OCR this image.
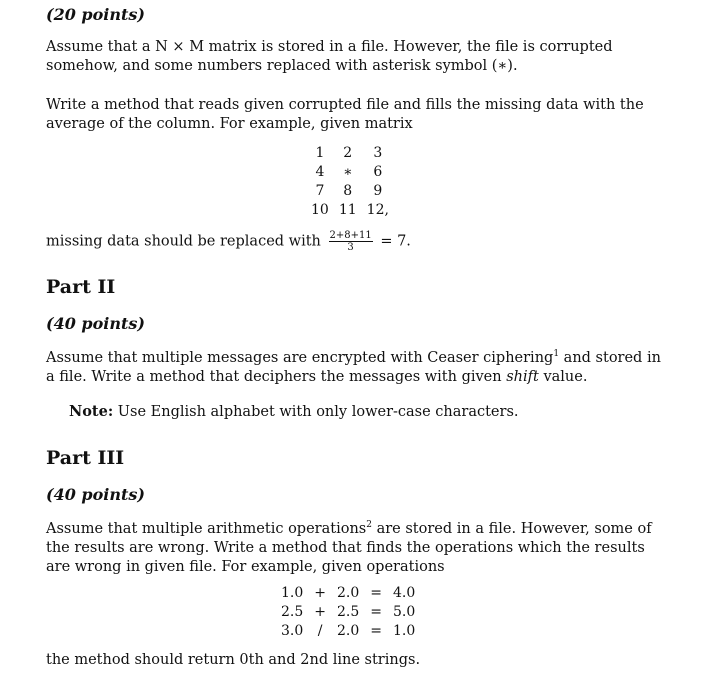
(20 points)
Assume that a N × M matrix is stored in a file. However, the file is corrupted somehow, and some numbers replaced with asterisk symbol (∗).
Write a method that reads given corrupted file and fills the missing data with the average of the column. For example, given matrix
1	2	3
4	∗	6
7	8	9
10	11	12,
missing data should be replaced with $\frac{2+8+11}{3} = 7$.
Part II
(40 points)
Assume that multiple messages are encrypted with Ceaser ciphering$^1$ and stored in a file. Write a method that deciphers the messages with given shift value.
Note: Use English alphabet with only lower-case characters.
Part III
(40 points)
Assume that multiple arithmetic operations$^2$ are stored in a file. However, some of the results are wrong. Write a method that finds the operations which the results are wrong in given file. For example, given operations
1.0	+	2.0	=	4.0
2.5	+	2.5	=	5.0
3.0	/	2.0	=	1.0
the method should return 0th and 2nd line strings.
